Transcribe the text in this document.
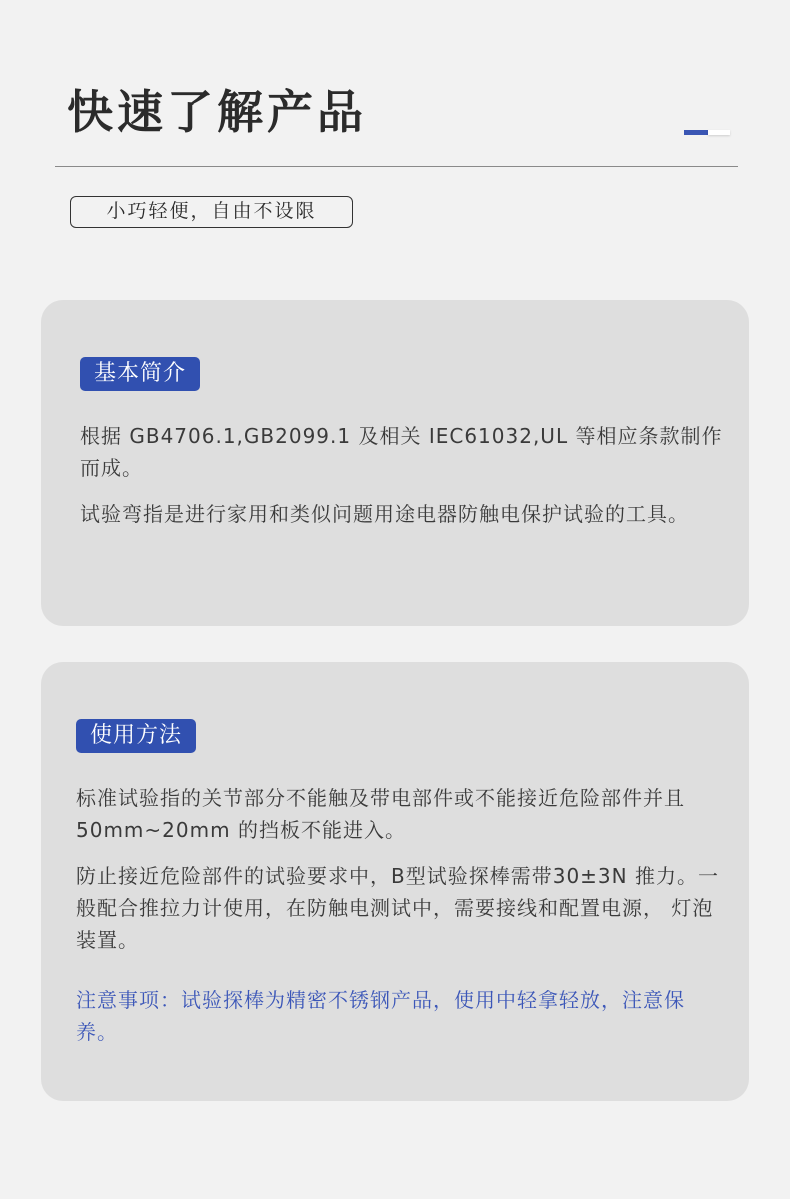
快速了解产品
小巧轻便，自由不设限
基本简介

根据 GB4706.1,GB2099.1 及相关 IEC61032,UL 等相应条款制作而成。

试验弯指是进行家用和类似问题用途电器防触电保护试验的工具。

使用方法

标准试验指的关节部分不能触及带电部件或不能接近危险部件并且 50mm~20mm 的挡板不能进入。

防止接近危险部件的试验要求中，B型试验探棒需带30±3N 推力。一般配合推拉力计使用，在防触电测试中，需要接线和配置电源， 灯泡装置。

注意事项：试验探棒为精密不锈钢产品，使用中轻拿轻放，注意保养。
